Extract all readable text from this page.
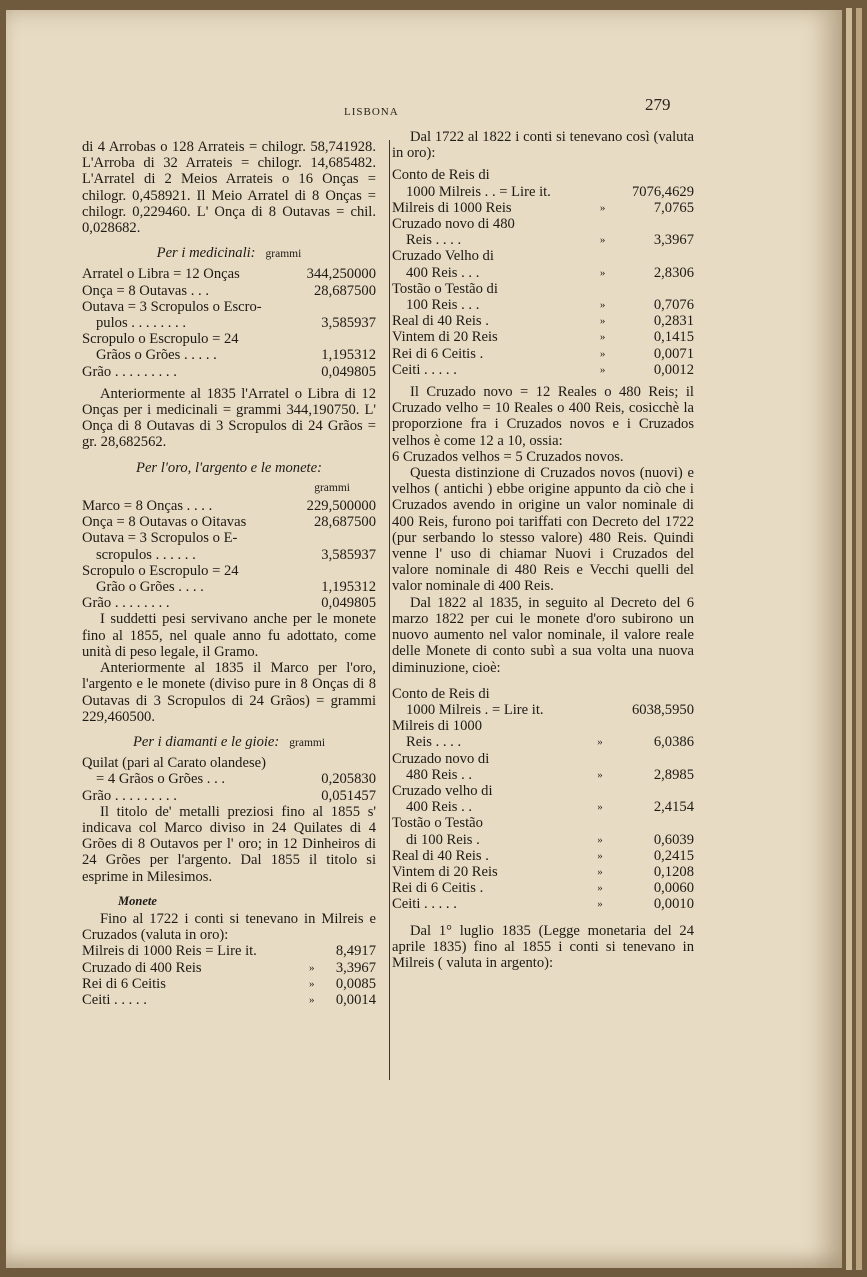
LISBONA	279

di 4 Arrobas o 128 Arrateis = chilogr. 58,741928. L'Arroba di 32 Arrateis = chilogr. 14,685482. L'Arratel di 2 Meios Arrateis o 16 Onças = chilogr. 0,458921. Il Meio Arratel di 8 Onças = chilogr. 0,229460. L' Onça di 8 Outavas = chil. 0,028682.

Per i medicinali: grammi
Arratel o Libra = 12 Onças	344,250000
Onça = 8 Outavas . . .	28,687500
Outava = 3 Scropulos o Escro-	
pulos . . . . . . . .	3,585937
Scropulo o Escropulo = 24	
Grãos o Grões . . . . .	1,195312
Grão . . . . . . . . .	0,049805

Anteriormente al 1835 l'Arratel o Libra di 12 Onças per i medicinali = grammi 344,190750. L' Onça di 8 Outavas di 3 Scropulos di 24 Grãos = gr. 28,682562.

Per l'oro, l'argento e le monete:
grammi
Marco = 8 Onças . . . .	229,500000
Onça = 8 Outavas o Oitavas	28,687500
Outava = 3 Scropulos o E-	
scropulos . . . . . .	3,585937
Scropulo o Escropulo = 24	
Grão o Grões . . . .	1,195312
Grão . . . . . . . .	0,049805

I suddetti pesi servivano anche per le monete fino al 1855, nel quale anno fu adottato, come unità di peso legale, il Gramo.

Anteriormente al 1835 il Marco per l'oro, l'argento e le monete (diviso pure in 8 Onças di 8 Outavas di 3 Scropulos di 24 Grãos) = grammi 229,460500.

Per i diamanti e le gioie: grammi
Quilat (pari al Carato olandese)	
= 4 Grãos o Grões . . .	0,205830
Grão . . . . . . . . .	0,051457

Il titolo de' metalli preziosi fino al 1855 s' indicava col Marco diviso in 24 Quilates di 4 Grões di 8 Outavos per l' oro; in 12 Dinheiros di 24 Grões per l'argento. Dal 1855 il titolo si esprime in Milesimos.

Monete

Fino al 1722 i conti si tenevano in Milreis e Cruzados (valuta in oro):

Milreis di 1000 Reis = Lire it.		8,4917
Cruzado di 400 Reis	»	3,3967
Rei di 6 Ceitis	»	0,0085
Ceiti . . . . .	»	0,0014

Dal 1722 al 1822 i conti si tenevano così (valuta in oro):

Conto de Reis di		
1000 Milreis . . = Lire it.		7076,4629
Milreis di 1000 Reis	»	7,0765
Cruzado novo di 480		
Reis . . . .	»	3,3967
Cruzado Velho di		
400 Reis . . .	»	2,8306
Tostão o Testão di		
100 Reis . . .	»	0,7076
Real di 40 Reis .	»	0,2831
Vintem di 20 Reis	»	0,1415
Rei di 6 Ceitis .	»	0,0071
Ceiti . . . . .	»	0,0012

Il Cruzado novo = 12 Reales o 480 Reis; il Cruzado velho = 10 Reales o 400 Reis, cosicchè la proporzione fra i Cruzados novos e i Cruzados velhos è come 12 a 10, ossia:

6 Cruzados velhos = 5 Cruzados novos.

Questa distinzione di Cruzados novos (nuovi) e velhos ( antichi ) ebbe origine appunto da ciò che i Cruzados avendo in origine un valor nominale di 400 Reis, furono poi tariffati con Decreto del 1722 (pur serbando lo stesso valore) 480 Reis. Quindi venne l' uso di chiamar Nuovi i Cruzados del valore nominale di 480 Reis e Vecchi quelli del valor nominale di 400 Reis.

Dal 1822 al 1835, in seguito al Decreto del 6 marzo 1822 per cui le monete d'oro subirono un nuovo aumento nel valor nominale, il valore reale delle Monete di conto subì a sua volta una nuova diminuzione, cioè:

Conto de Reis di		
1000 Milreis . = Lire it.		6038,5950
Milreis di 1000		
Reis . . . .	»	6,0386
Cruzado novo di		
480 Reis . .	»	2,8985
Cruzado velho di		
400 Reis . .	»	2,4154
Tostão o Testão		
di 100 Reis .	»	0,6039
Real di 40 Reis .	»	0,2415
Vintem di 20 Reis	»	0,1208
Rei di 6 Ceitis .	»	0,0060
Ceiti . . . . .	»	0,0010

Dal 1° luglio 1835 (Legge monetaria del 24 aprile 1835) fino al 1855 i conti si tenevano in Milreis ( valuta in argento):
